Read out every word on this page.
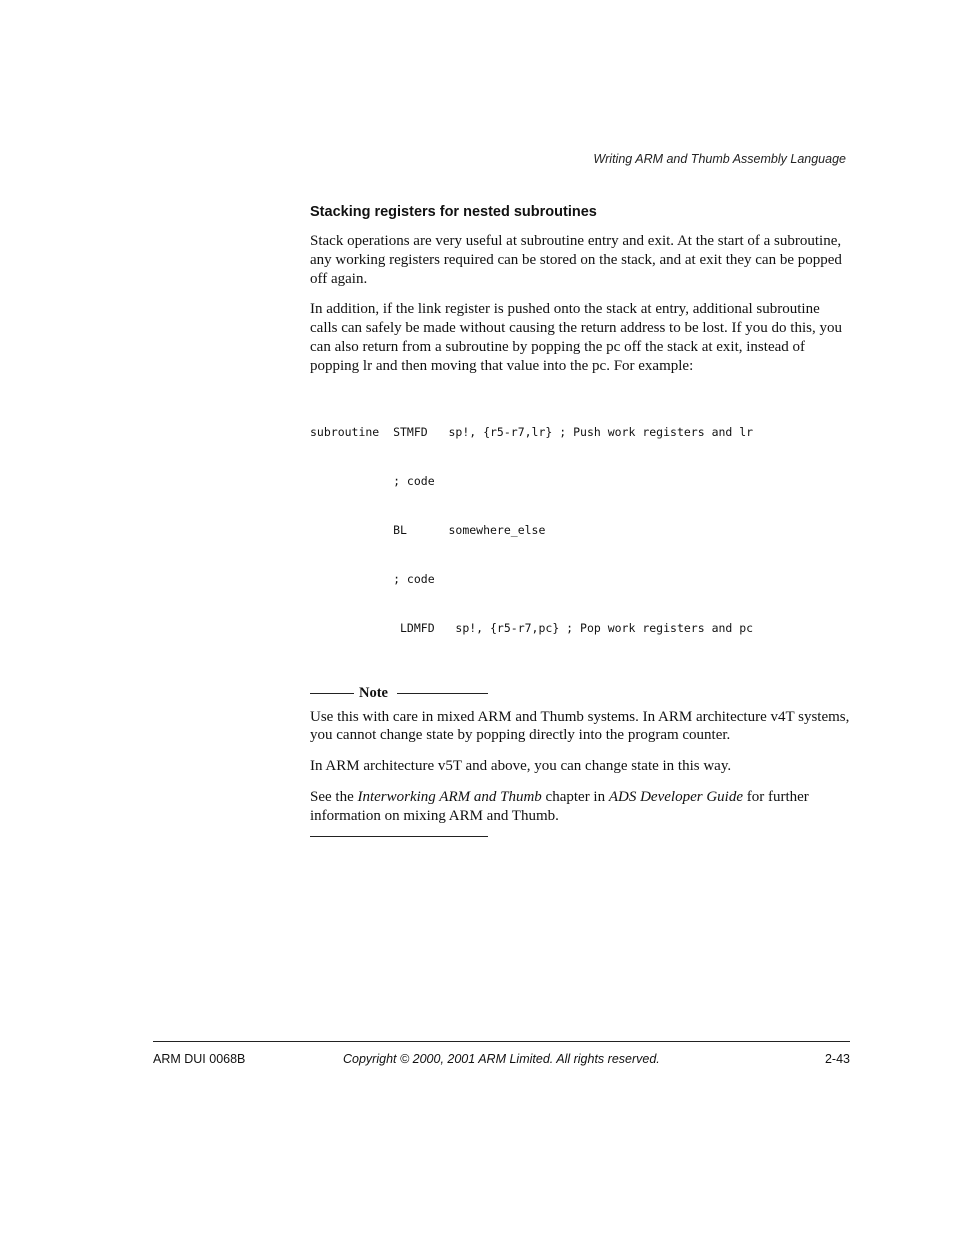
Writing ARM and Thumb Assembly Language
Stacking registers for nested subroutines

Stack operations are very useful at subroutine entry and exit. At the start of a subroutine, any working registers required can be stored on the stack, and at exit they can be popped off again.

In addition, if the link register is pushed onto the stack at entry, additional subroutine calls can safely be made without causing the return address to be lost. If you do this, you can also return from a subroutine by popping the pc off the stack at exit, instead of popping lr and then moving that value into the pc. For example:

subroutine  STMFD   sp!, {r5-r7,lr} ; Push work registers and lr

; code

BL      somewhere_else

; code

LDMFD   sp!, {r5-r7,pc} ; Pop work registers and pc

Note

Use this with care in mixed ARM and Thumb systems. In ARM architecture v4T systems, you cannot change state by popping directly into the program counter.

In ARM architecture v5T and above, you can change state in this way.

See the Interworking ARM and Thumb chapter in ADS Developer Guide for further information on mixing ARM and Thumb.

ARM DUI 0068B	Copyright © 2000, 2001 ARM Limited. All rights reserved.	2-43
